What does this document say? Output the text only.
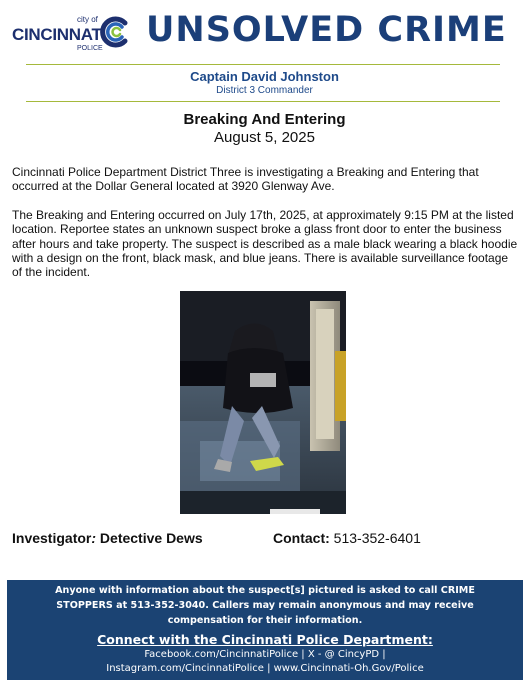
city of
CINCINNATI
POLICE UNSOLVED CRIME
Captain David Johnston
District 3 Commander
Breaking And Entering
August 5, 2025

Cincinnati Police Department District Three is investigating a Breaking and Entering that occurred at the Dollar General located at 3920 Glenway Ave.

The Breaking and Entering occurred on July 17th, 2025, at approximately 9:15 PM at the listed location. Reportee states an unknown suspect broke a glass front door to enter the business after hours and take property. The suspect is described as a male black wearing a black hoodie with a design on the front, black mask, and blue jeans. There is available surveillance footage of the incident.

Investigator: Detective Dews	Contact: 513-352-6401
Anyone with information about the suspect[s] pictured is asked to call CRIME STOPPERS at 513-352-3040. Callers may remain anonymous and may receive compensation for their information.
Connect with the Cincinnati Police Department:
Facebook.com/CincinnatiPolice | X - @ CincyPD |
Instagram.com/CincinnatiPolice | www.Cincinnati-Oh.Gov/Police
